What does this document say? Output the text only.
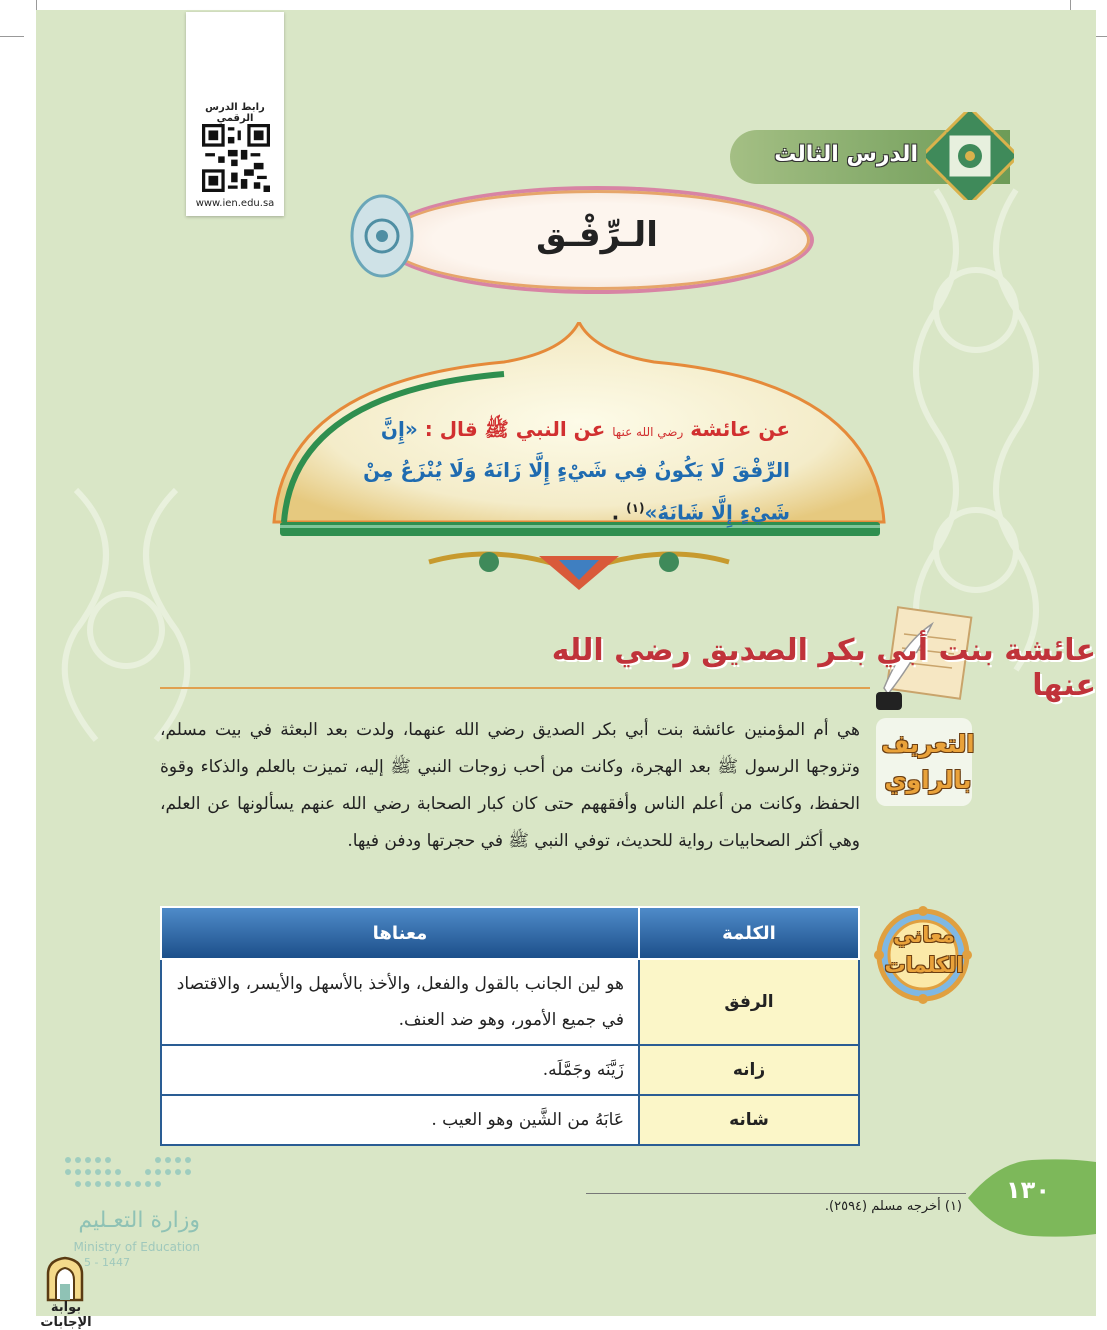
رابط الدرس الرقمي
www.ien.edu.sa
الدرس الثالث
الـرِّفْـق
عن عائشة رضي الله عنها عن النبي ﷺ قال : «إِنَّ الرِّفْقَ لَا يَكُونُ فِي شَيْءٍ إِلَّا زَانَهُ وَلَا يُنْزَعُ مِنْ شَيْءٍ إِلَّا شَانَهُ»$^{(١)}$ .
عائشة بنت أبي بكر الصديق رضي الله عنها
التعريف بالراوي
هي أم المؤمنين عائشة بنت أبي بكر الصديق رضي الله عنهما، ولدت بعد البعثة في بيت مسلم، وتزوجها الرسول ﷺ بعد الهجرة، وكانت من أحب زوجات النبي ﷺ إليه، تميزت بالعلم والذكاء وقوة الحفظ، وكانت من أعلم الناس وأفقههم حتى كان كبار الصحابة رضي الله عنهم يسألونها عن العلم، وهي أكثر الصحابيات رواية للحديث، توفي النبي ﷺ في حجرتها ودفن فيها.
معاني الكلمات
الكلمة	معناها
الرفق	هو لين الجانب بالقول والفعل، والأخذ بالأسهل والأيسر، والاقتصاد في جميع الأمور، وهو ضد العنف.
زانه	زَيَّنَه وجَمَّلَه.
شانه	عَابَهُ من الشَّين وهو العيب .
١٣٠
(١) أخرجه مسلم (٢٥٩٤).
وزارة التعـليم
Ministry of Education
5 - 1447
بوابة الإجابات
